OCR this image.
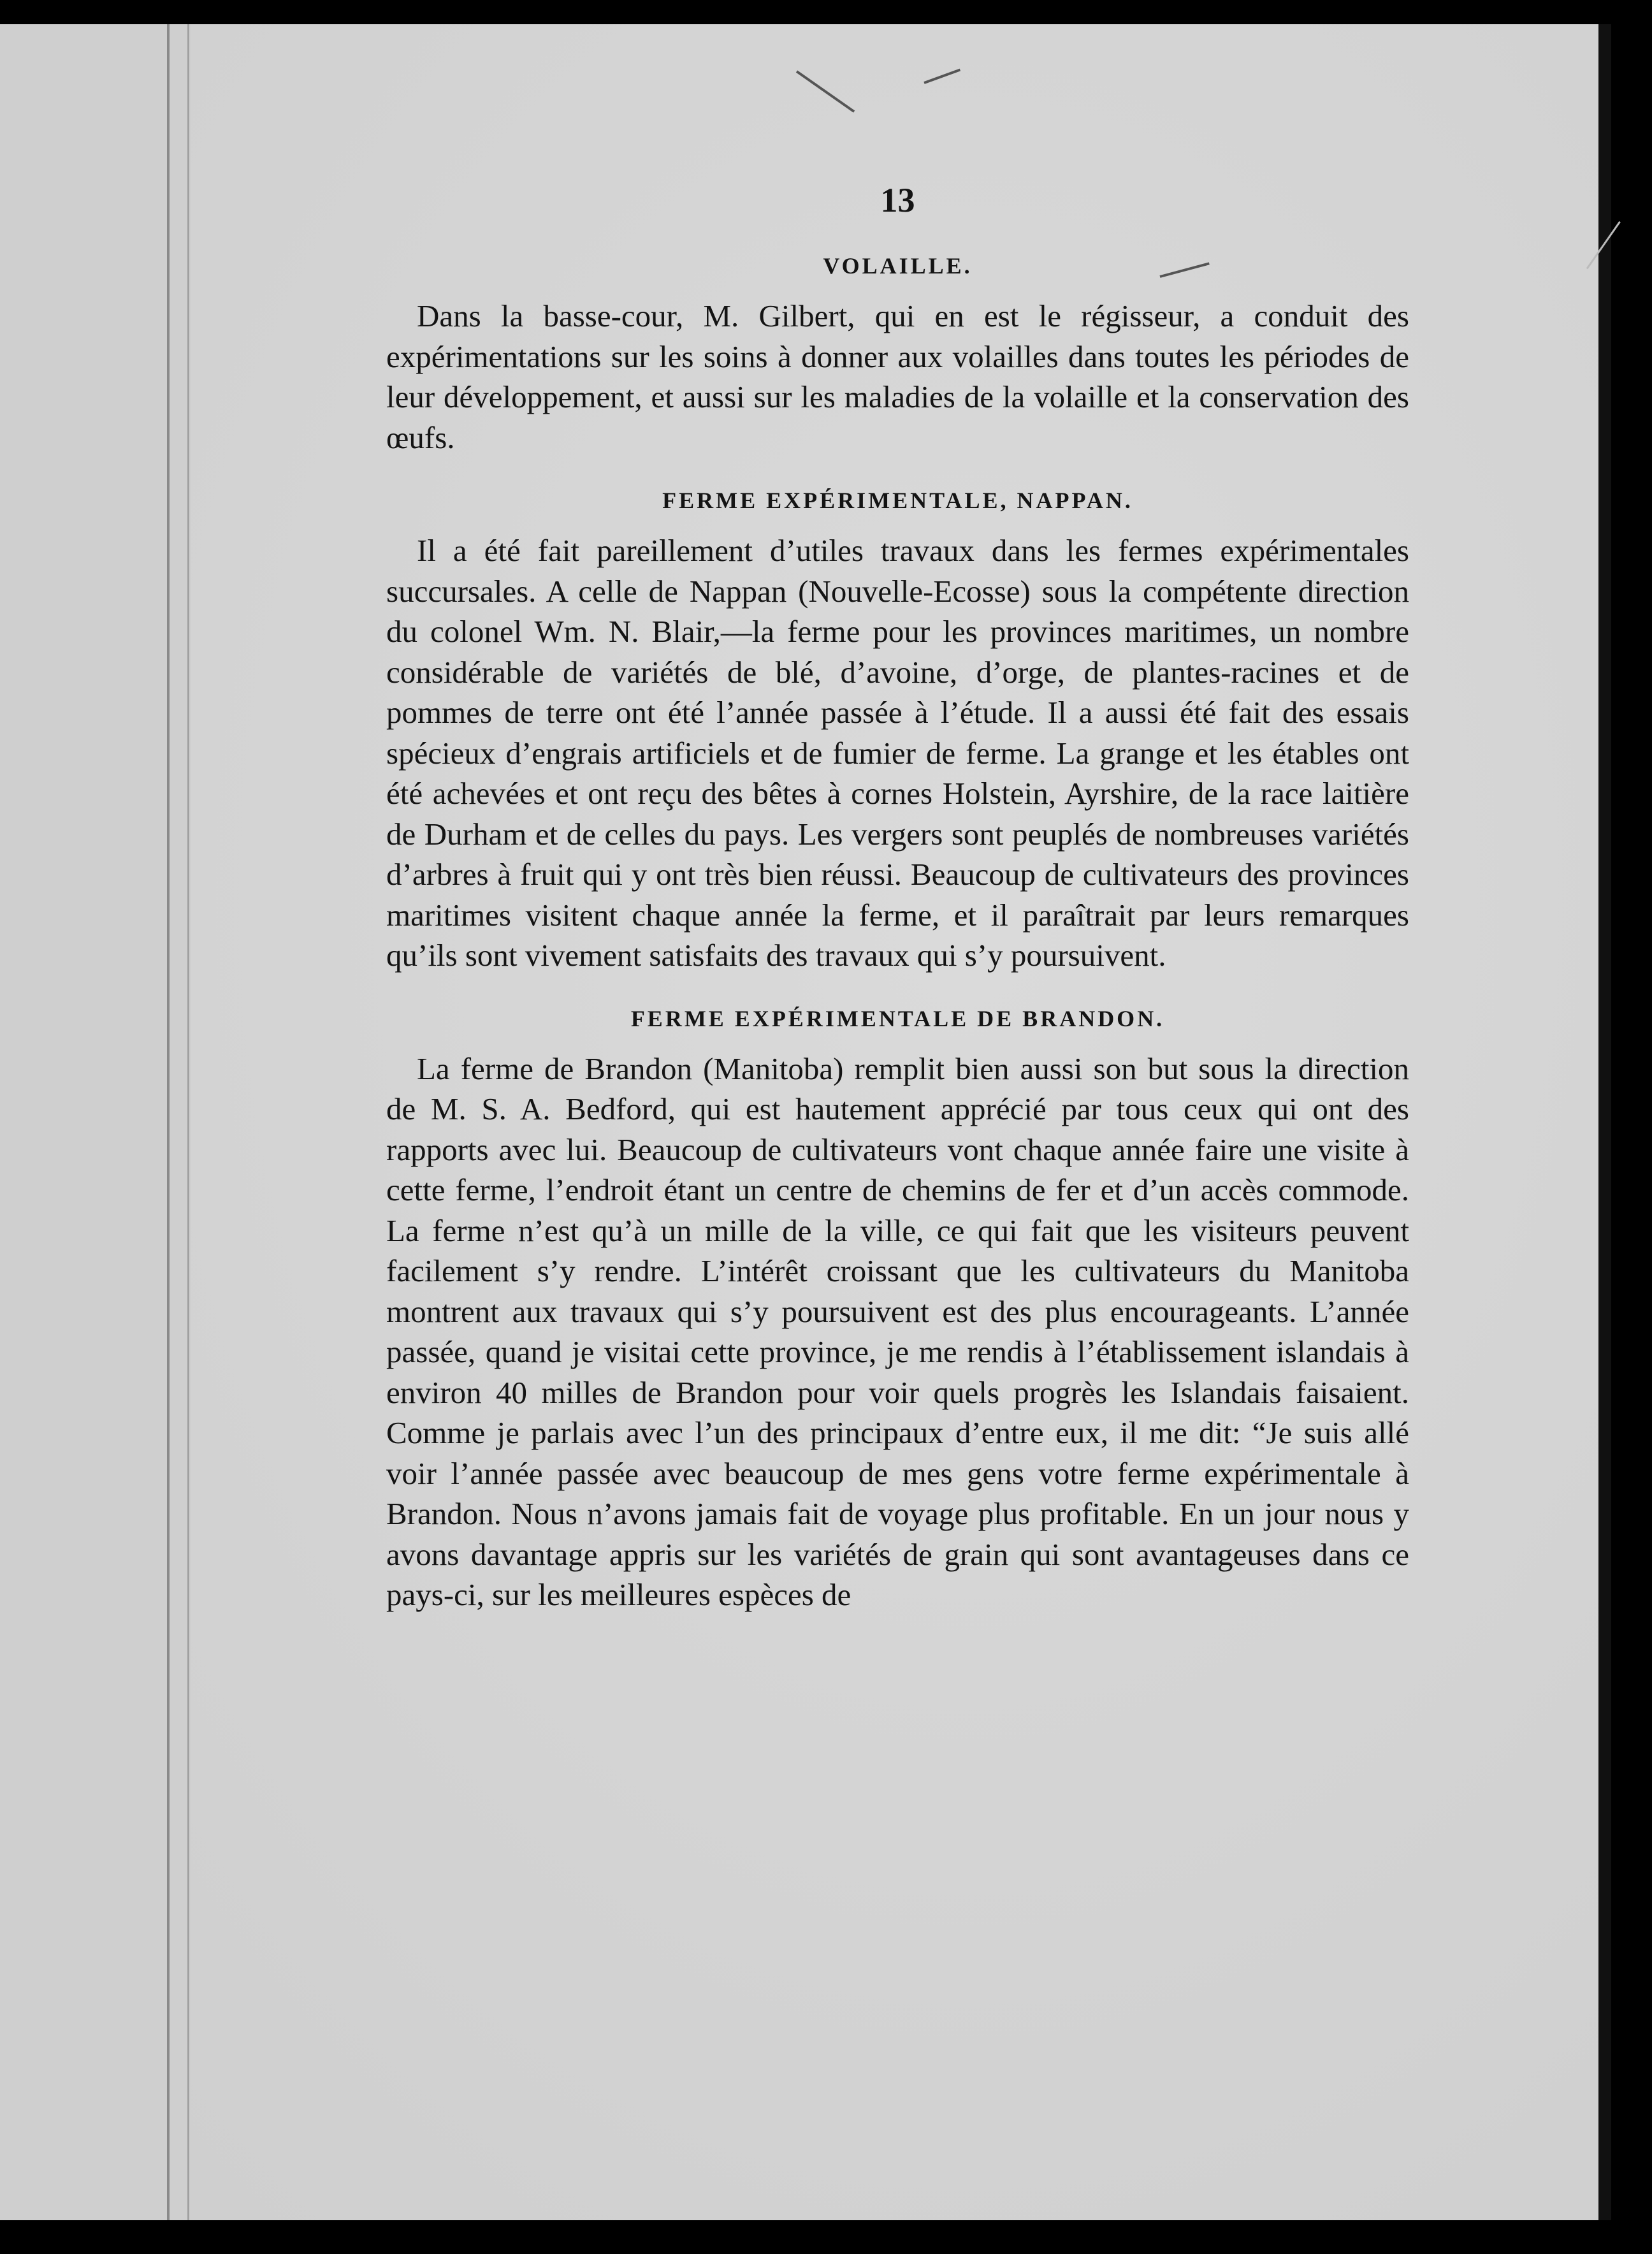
13
VOLAILLE.

Dans la basse-cour, M. Gilbert, qui en est le régisseur, a conduit des expérimentations sur les soins à donner aux volailles dans toutes les périodes de leur développement, et aussi sur les maladies de la volaille et la conservation des œufs.

FERME EXPÉRIMENTALE, NAPPAN.

Il a été fait pareillement d’utiles travaux dans les fermes expérimentales succursales. A celle de Nappan (Nouvelle-Ecosse) sous la compétente direction du colonel Wm. N. Blair,—la ferme pour les provinces maritimes, un nombre considérable de variétés de blé, d’avoine, d’orge, de plantes-racines et de pommes de terre ont été l’année passée à l’étude. Il a aussi été fait des essais spécieux d’engrais artificiels et de fumier de ferme. La grange et les étables ont été achevées et ont reçu des bêtes à cornes Holstein, Ayrshire, de la race laitière de Durham et de celles du pays. Les vergers sont peuplés de nombreuses variétés d’arbres à fruit qui y ont très bien réussi. Beaucoup de cultivateurs des provinces maritimes visitent chaque année la ferme, et il paraîtrait par leurs remarques qu’ils sont vivement satisfaits des travaux qui s’y poursuivent.

FERME EXPÉRIMENTALE DE BRANDON.

La ferme de Brandon (Manitoba) remplit bien aussi son but sous la direction de M. S. A. Bedford, qui est hautement apprécié par tous ceux qui ont des rapports avec lui. Beaucoup de cultivateurs vont chaque année faire une visite à cette ferme, l’endroit étant un centre de chemins de fer et d’un accès commode. La ferme n’est qu’à un mille de la ville, ce qui fait que les visiteurs peuvent facilement s’y rendre. L’intérêt croissant que les cultivateurs du Manitoba montrent aux travaux qui s’y poursuivent est des plus encourageants. L’année passée, quand je visitai cette province, je me rendis à l’établissement islandais à environ 40 milles de Brandon pour voir quels progrès les Islandais faisaient. Comme je parlais avec l’un des principaux d’entre eux, il me dit: “Je suis allé voir l’année passée avec beaucoup de mes gens votre ferme expérimentale à Brandon. Nous n’avons jamais fait de voyage plus profitable. En un jour nous y avons davantage appris sur les variétés de grain qui sont avantageuses dans ce pays-ci, sur les meilleures espèces de
